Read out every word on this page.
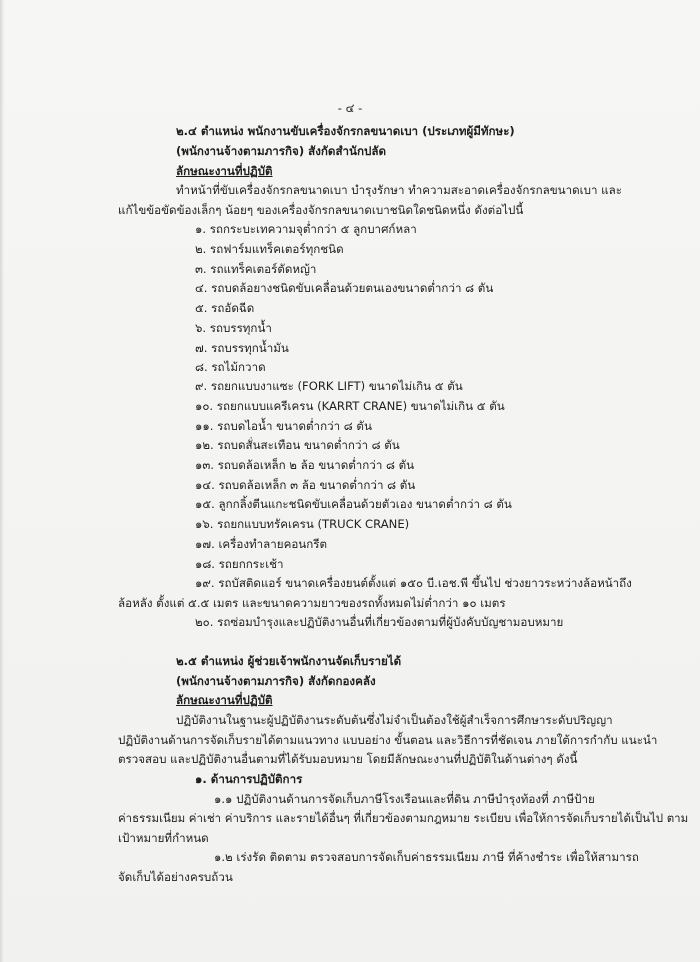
- ๔ -
๒.๔ ตำแหน่ง พนักงานขับเครื่องจักรกลขนาดเบา (ประเภทผู้มีทักษะ)
(พนักงานจ้างตามภารกิจ) สังกัดสำนักปลัด
ลักษณะงานที่ปฏิบัติ
ทำหน้าที่ขับเครื่องจักรกลขนาดเบา บำรุงรักษา ทำความสะอาดเครื่องจักรกลขนาดเบา และ
แก้ไขข้อขัดข้องเล็กๆ น้อยๆ ของเครื่องจักรกลขนาดเบาชนิดใดชนิดหนึ่ง ดังต่อไปนี้
๑. รถกระบะเทความจุต่ำกว่า ๕ ลูกบาศก์หลา
๒. รถฟาร์มแทร็คเตอร์ทุกชนิด
๓. รถแทร็คเตอร์ตัดหญ้า
๔. รถบดล้อยางชนิดขับเคลื่อนด้วยตนเองขนาดต่ำกว่า ๘ ตัน
๕. รถอัดฉีด
๖. รถบรรทุกน้ำ
๗. รถบรรทุกน้ำมัน
๘. รถไม้กวาด
๙. รถยกแบบงาแซะ (FORK LIFT) ขนาดไม่เกิน ๕ ตัน
๑๐. รถยกแบบแครีเครน (KARRT CRANE) ขนาดไม่เกิน ๕ ตัน
๑๑. รถบดไอน้ำ ขนาดต่ำกว่า ๘ ตัน
๑๒. รถบดสั่นสะเทือน ขนาดต่ำกว่า ๘ ตัน
๑๓. รถบดล้อเหล็ก ๒ ล้อ ขนาดต่ำกว่า ๘ ตัน
๑๔. รถบดล้อเหล็ก ๓ ล้อ ขนาดต่ำกว่า ๘ ตัน
๑๕. ลูกกลิ้งตีนแกะชนิดขับเคลื่อนด้วยตัวเอง ขนาดต่ำกว่า ๘ ตัน
๑๖. รถยกแบบทรัคเครน (TRUCK CRANE)
๑๗. เครื่องทำลายคอนกรีต
๑๘. รถยกกระเช้า
๑๙. รถบัสติดแอร์ ขนาดเครื่องยนต์ตั้งแต่ ๑๕๐ บี.เอช.พี ขึ้นไป ช่วงยาวระหว่างล้อหน้าถึง
ล้อหลัง ตั้งแต่ ๕.๕ เมตร และขนาดความยาวของรถทั้งหมดไม่ต่ำกว่า ๑๐ เมตร
๒๐. รถซ่อมบำรุงและปฏิบัติงานอื่นที่เกี่ยวข้องตามที่ผู้บังคับบัญชามอบหมาย
๒.๕ ตำแหน่ง ผู้ช่วยเจ้าพนักงานจัดเก็บรายได้
(พนักงานจ้างตามภารกิจ) สังกัดกองคลัง
ลักษณะงานที่ปฏิบัติ
ปฏิบัติงานในฐานะผู้ปฏิบัติงานระดับต้นซึ่งไม่จำเป็นต้องใช้ผู้สำเร็จการศึกษาระดับปริญญา
ปฏิบัติงานด้านการจัดเก็บรายได้ตามแนวทาง แบบอย่าง ขั้นตอน และวิธีการที่ชัดเจน ภายใต้การกำกับ แนะนำ
ตรวจสอบ และปฏิบัติงานอื่นตามที่ได้รับมอบหมาย โดยมีลักษณะงานที่ปฏิบัติในด้านต่างๆ ดังนี้
๑. ด้านการปฏิบัติการ
๑.๑ ปฏิบัติงานด้านการจัดเก็บภาษีโรงเรือนและที่ดิน ภาษีบำรุงท้องที่ ภาษีป้าย
ค่าธรรมเนียม ค่าเช่า ค่าบริการ และรายได้อื่นๆ ที่เกี่ยวข้องตามกฎหมาย ระเบียบ เพื่อให้การจัดเก็บรายได้เป็นไป ตาม
เป้าหมายที่กำหนด
๑.๒ เร่งรัด ติดตาม ตรวจสอบการจัดเก็บค่าธรรมเนียม ภาษี ที่ค้างชำระ เพื่อให้สามารถ
จัดเก็บได้อย่างครบถ้วน
